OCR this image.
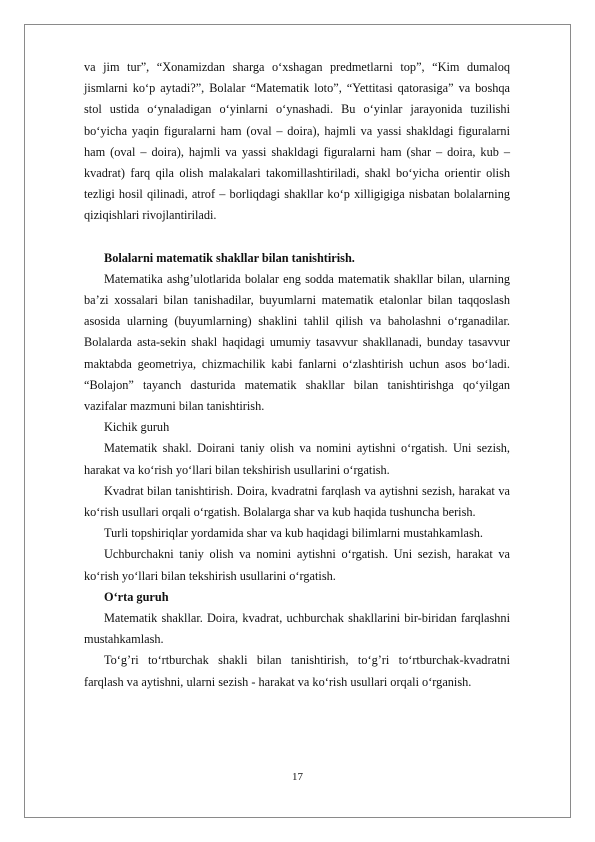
va jim tur”, “Xonamizdan sharga o‘xshagan predmetlarni top”, “Kim dumaloq jismlarni ko‘p aytadi?”, Bolalar “Matematik loto”, “Yettitasi qatorasiga” va boshqa stol ustida o‘ynaladigan o‘yinlarni o‘ynashadi. Bu o‘yinlar jarayonida tuzilishi bo‘yicha yaqin figuralarni ham (oval – doira), hajmli va yassi shakldagi figuralarni ham (oval – doira), hajmli va yassi shakldagi figuralarni ham (shar – doira, kub – kvadrat) farq qila olish malakalari takomillashtiriladi, shakl bo‘yicha orientir olish tezligi hosil qilinadi, atrof – borliqdagi shakllar ko‘p xilligigiga nisbatan bolalarning qiziqishlari rivojlantiriladi.

Bolalarni matematik shakllar bilan tanishtirish.

Matematika ashg’ulotlarida bolalar eng sodda matematik shakllar bilan, ularning ba’zi xossalari bilan tanishadilar, buyumlarni matematik etalonlar bilan taqqoslash asosida ularning (buyumlarning) shaklini tahlil qilish va baholashni o‘rganadilar. Bolalarda asta-sekin shakl haqidagi umumiy tasavvur shakllanadi, bunday tasavvur maktabda geometriya, chizmachilik kabi fanlarni o‘zlashtirish uchun asos bo‘ladi. “Bolajon” tayanch dasturida matematik shakllar bilan tanishtirishga qo‘yilgan vazifalar mazmuni bilan tanishtirish.

Kichik guruh

Matematik shakl. Doirani taniy olish va nomini aytishni o‘rgatish. Uni sezish, harakat va ko‘rish yo‘llari bilan tekshirish usullarini o‘rgatish.

Kvadrat bilan tanishtirish. Doira, kvadratni farqlash va aytishni sezish, harakat va ko‘rish usullari orqali o‘rgatish. Bolalarga shar va kub haqida tushuncha berish.

Turli topshiriqlar yordamida shar va kub haqidagi bilimlarni mustahkamlash.

Uchburchakni taniy olish va nomini aytishni o‘rgatish. Uni sezish, harakat va ko‘rish yo‘llari bilan tekshirish usullarini o‘rgatish.

O‘rta guruh

Matematik shakllar. Doira, kvadrat, uchburchak shakllarini bir-biridan farqlashni mustahkamlash.

To‘g’ri to‘rtburchak shakli bilan tanishtirish, to‘g’ri to‘rtburchak-kvadratni farqlash va aytishni, ularni sezish - harakat va ko‘rish usullari orqali o‘rganish.

17
